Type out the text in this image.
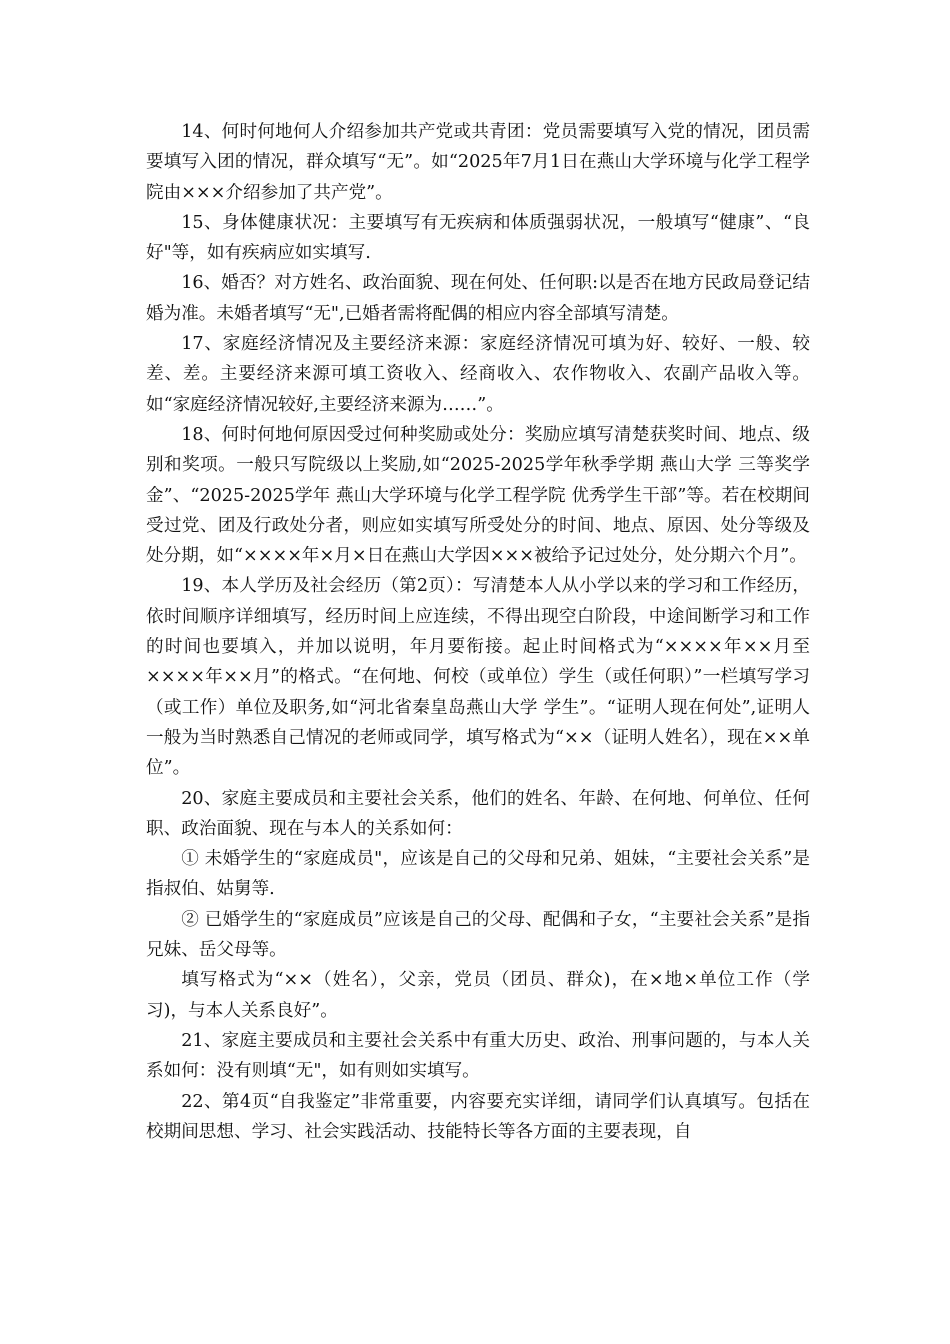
14、何时何地何人介绍参加共产党或共青团：党员需要填写入党的情况，团员需要填写入团的情况，群众填写“无”。如“2025年7月1日在燕山大学环境与化学工程学院由×××介绍参加了共产党”。

15、身体健康状况：主要填写有无疾病和体质强弱状况，一般填写“健康”、“良好"等，如有疾病应如实填写.

16、婚否？对方姓名、政治面貌、现在何处、任何职:以是否在地方民政局登记结婚为准。未婚者填写“无",已婚者需将配偶的相应内容全部填写清楚。

17、家庭经济情况及主要经济来源：家庭经济情况可填为好、较好、一般、较差、差。主要经济来源可填工资收入、经商收入、农作物收入、农副产品收入等。如“家庭经济情况较好,主要经济来源为……”。

18、何时何地何原因受过何种奖励或处分：奖励应填写清楚获奖时间、地点、级别和奖项。一般只写院级以上奖励,如“2025-2025学年秋季学期 燕山大学 三等奖学金”、“2025-2025学年 燕山大学环境与化学工程学院 优秀学生干部”等。若在校期间受过党、团及行政处分者，则应如实填写所受处分的时间、地点、原因、处分等级及处分期，如“××××年×月×日在燕山大学因×××被给予记过处分，处分期六个月”。

19、本人学历及社会经历（第2页）：写清楚本人从小学以来的学习和工作经历，依时间顺序详细填写，经历时间上应连续，不得出现空白阶段，中途间断学习和工作的时间也要填入，并加以说明，年月要衔接。起止时间格式为“××××年××月至××××年××月”的格式。“在何地、何校（或单位）学生（或任何职）”一栏填写学习（或工作）单位及职务,如“河北省秦皇岛燕山大学 学生”。“证明人现在何处”,证明人一般为当时熟悉自己情况的老师或同学，填写格式为“××（证明人姓名），现在××单位”。

20、家庭主要成员和主要社会关系，他们的姓名、年龄、在何地、何单位、任何职、政治面貌、现在与本人的关系如何：

① 未婚学生的“家庭成员"，应该是自己的父母和兄弟、姐妹，“主要社会关系”是指叔伯、姑舅等.

② 已婚学生的“家庭成员”应该是自己的父母、配偶和子女，“主要社会关系”是指兄妹、岳父母等。

填写格式为“××（姓名），父亲，党员（团员、群众)，在×地×单位工作（学习)，与本人关系良好”。

21、家庭主要成员和主要社会关系中有重大历史、政治、刑事问题的，与本人关系如何：没有则填“无"，如有则如实填写。

22、第4页“自我鉴定”非常重要，内容要充实详细，请同学们认真填写。包括在校期间思想、学习、社会实践活动、技能特长等各方面的主要表现，自
